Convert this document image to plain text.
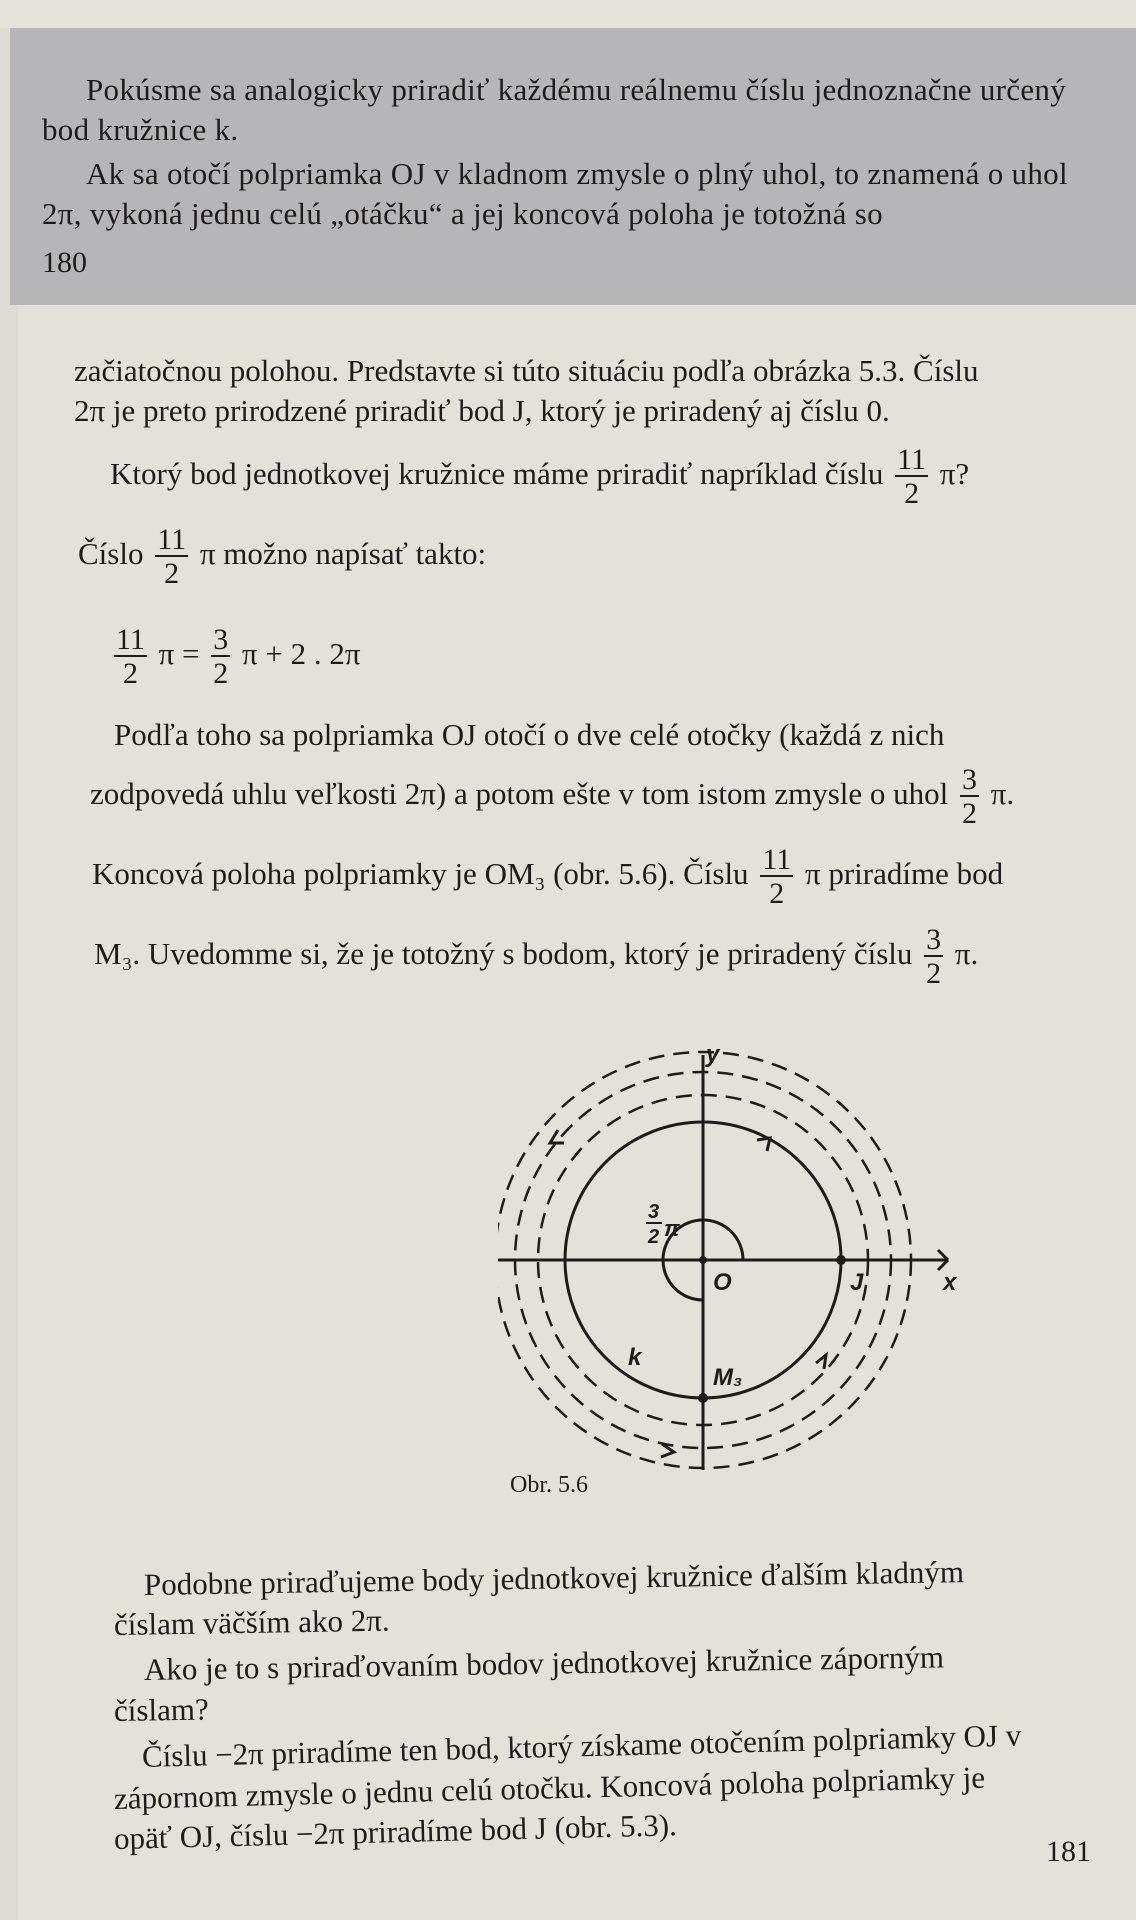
Pokúsme sa analogicky priradiť každému reálnemu číslu jednoznačne určený bod kružnice k.

Ak sa otočí polpriamka OJ v kladnom zmysle o plný uhol, to znamená o uhol 2π, vykoná jednu celú „otáčku“ a jej koncová poloha je totožná so

180
začiatočnou polohou. Predstavte si túto situáciu podľa obrázka 5.3. Číslu
2π je preto prirodzené priradiť bod J, ktorý je priradený aj číslu 0.
Ktorý bod jednotkovej kružnice máme priradiť napríklad číslu $\frac{11}{2} \pi$?
Číslo $\frac{11}{2}$ π možno napísať takto:
$\frac{11}{2}$ $\pi = \frac{3}{2}$ π + 2 . 2π
Podľa toho sa polpriamka OJ otočí o dve celé otočky (každá z nich
zodpovedá uhlu veľkosti 2π) a potom ešte v tom istom zmysle o uhol $\frac{3}{2} \pi$.
Koncová poloha polpriamky je OM₃ (obr. 5.6). Číslu $\frac{11}{2}$ π priradíme bod
M₃. Uvedomme si, že je totožný s bodom, ktorý je priradený číslu $\frac{3}{2} \pi$.
y
x
O	J
k
M₃
3
2 π
Obr. 5.6
Podobne priraďujeme body jednotkovej kružnice ďalším kladným
číslam väčším ako 2π.
Ako je to s priraďovaním bodov jednotkovej kružnice záporným
číslam?
Číslu −2π priradíme ten bod, ktorý získame otočením polpriamky OJ v
zápornom zmysle o jednu celú otočku. Koncová poloha polpriamky je
opäť OJ, číslu −2π priradíme bod J (obr. 5.3).	181
